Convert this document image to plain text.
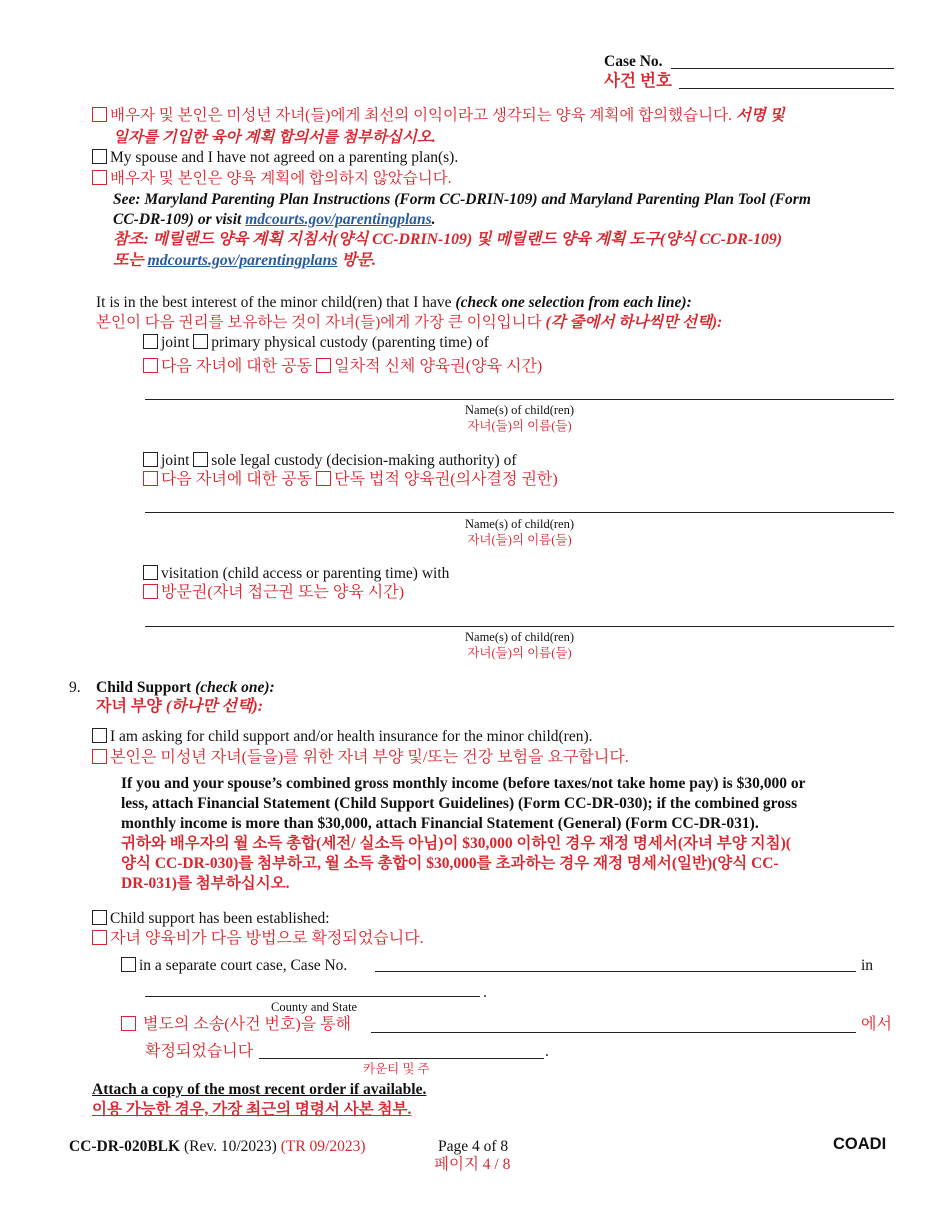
Case No.
사건 번호
배우자 및 본인은 미성년 자녀(들)에게 최선의 이익이라고 생각되는 양육 계획에 합의했습니다. 서명 및
일자를 기입한 육아 계획 합의서를 첨부하십시오.
My spouse and I have not agreed on a parenting plan(s).
배우자 및 본인은 양육 계획에 합의하지 않았습니다.
See: Maryland Parenting Plan Instructions (Form CC-DRIN-109) and Maryland Parenting Plan Tool (Form
CC-DR-109) or visit mdcourts.gov/parentingplans.
참조: 메릴랜드 양육 계획 지침서(양식 CC-DRIN-109) 및 메릴랜드 양육 계획 도구(양식 CC-DR-109)
또는 mdcourts.gov/parentingplans 방문.
It is in the best interest of the minor child(ren) that I have (check one selection from each line):
본인이 다음 권리를 보유하는 것이 자녀(들)에게 가장 큰 이익입니다 (각 줄에서 하나씩만 선택):
joint primary physical custody (parenting time) of
다음 자녀에 대한 공동 일차적 신체 양육권(양육 시간)
Name(s) of child(ren)
자녀(들)의 이름(들)
joint sole legal custody (decision-making authority) of
다음 자녀에 대한 공동 단독 법적 양육권(의사결정 권한)
Name(s) of child(ren)
자녀(들)의 이름(들)
visitation (child access or parenting time) with
방문권(자녀 접근권 또는 양육 시간)
Name(s) of child(ren)
자녀(들)의 이름(들)
9. Child Support (check one):
자녀 부양 (하나만 선택):
I am asking for child support and/or health insurance for the minor child(ren).
본인은 미성년 자녀(들을)를 위한 자녀 부양 및/또는 건강 보험을 요구합니다.
If you and your spouse’s combined gross monthly income (before taxes/not take home pay) is $30,000 or
less, attach Financial Statement (Child Support Guidelines) (Form CC-DR-030); if the combined gross
monthly income is more than $30,000, attach Financial Statement (General) (Form CC-DR-031).
귀하와 배우자의 월 소득 총합(세전/ 실소득 아님)이 $30,000 이하인 경우 재정 명세서(자녀 부양 지침)(
양식 CC-DR-030)를 첨부하고, 월 소득 총합이 $30,000를 초과하는 경우 재정 명세서(일반)(양식 CC-
DR-031)를 첨부하십시오.
Child support has been established:
자녀 양육비가 다음 방법으로 확정되었습니다.
in a separate court case, Case No.	in
.
County and State
별도의 소송(사건 번호)을 통해	에서
확정되었습니다	.
카운티 및 주
Attach a copy of the most recent order if available.
이용 가능한 경우, 가장 최근의 명령서 사본 첨부.
CC-DR-020BLK (Rev. 10/2023) (TR 09/2023)	Page 4 of 8
페이지 4 / 8
COADI
